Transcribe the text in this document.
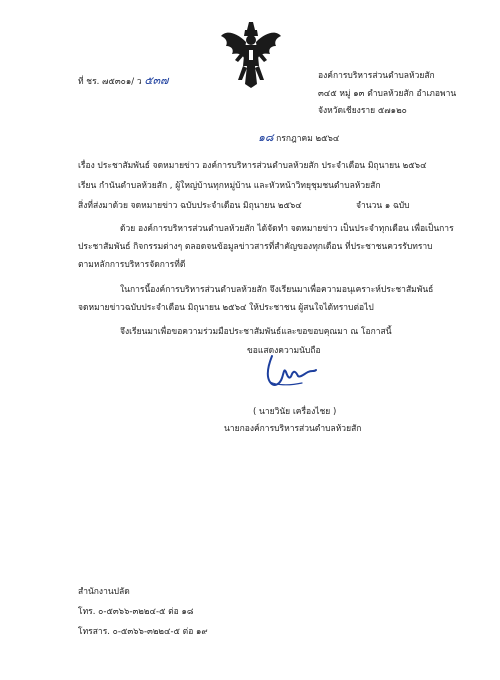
ที่ ชร. ๗๕๓๐๑/ ว ๕๓๗	องค์การบริหารส่วนตำบลห้วยสัก
๓๔๕ หมู่ ๑๓ ตำบลห้วยสัก อำเภอพาน
จังหวัดเชียงราย ๕๗๑๒๐
๑๘ กรกฎาคม ๒๕๖๔
เรื่อง ประชาสัมพันธ์ จดหมายข่าว องค์การบริหารส่วนตำบลห้วยสัก ประจำเดือน มิถุนายน ๒๕๖๔
เรียน กำนันตำบลห้วยสัก , ผู้ใหญ่บ้านทุกหมู่บ้าน และหัวหน้าวิทยุชุมชนตำบลห้วยสัก
สิ่งที่ส่งมาด้วย จดหมายข่าว ฉบับประจำเดือน มิถุนายน ๒๕๖๔	จำนวน ๑ ฉบับ
ด้วย องค์การบริหารส่วนตำบลห้วยสัก ได้จัดทำ จดหมายข่าว เป็นประจำทุกเดือน เพื่อเป็นการ
ประชาสัมพันธ์ กิจกรรมต่างๆ ตลอดจนข้อมูลข่าวสารที่สำคัญของทุกเดือน ที่ประชาชนควรรับทราบ
ตามหลักการบริหารจัดการที่ดี
ในการนี้องค์การบริหารส่วนตำบลห้วยสัก จึงเรียนมาเพื่อความอนุเคราะห์ประชาสัมพันธ์
จดหมายข่าวฉบับประจำเดือน มิถุนายน ๒๕๖๔ ให้ประชาชน ผู้สนใจได้ทราบต่อไป
จึงเรียนมาเพื่อขอความร่วมมือประชาสัมพันธ์และขอขอบคุณมา ณ โอกาสนี้
ขอแสดงความนับถือ
( นายวินัย เครื่องไชย )
นายกองค์การบริหารส่วนตำบลห้วยสัก
สำนักงานปลัด
โทร. ๐-๕๓๖๖-๓๒๒๔-๕ ต่อ ๑๘
โทรสาร. ๐-๕๓๖๖-๓๒๒๔-๕ ต่อ ๑๙
